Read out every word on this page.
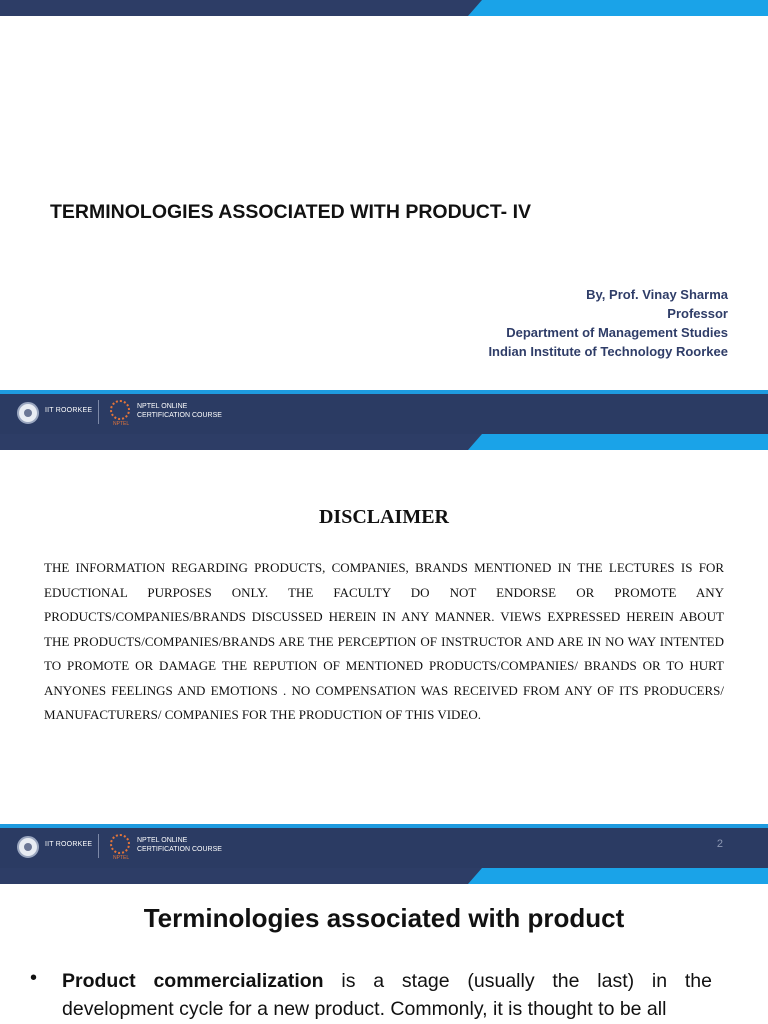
TERMINOLOGIES ASSOCIATED WITH PRODUCT- IV
By, Prof. Vinay Sharma
Professor
Department of Management Studies
Indian Institute of Technology Roorkee
IIT ROORKEE
NPTEL
NPTEL ONLINE
CERTIFICATION COURSE
DISCLAIMER
THE INFORMATION REGARDING PRODUCTS, COMPANIES, BRANDS MENTIONED IN THE LECTURES IS FOR EDUCTIONAL PURPOSES ONLY. THE FACULTY DO NOT ENDORSE OR PROMOTE ANY PRODUCTS/COMPANIES/BRANDS DISCUSSED HEREIN IN ANY MANNER. VIEWS EXPRESSED HEREIN ABOUT THE PRODUCTS/COMPANIES/BRANDS ARE THE PERCEPTION OF INSTRUCTOR AND ARE IN NO WAY INTENTED TO PROMOTE OR DAMAGE THE REPUTION OF MENTIONED PRODUCTS/COMPANIES/ BRANDS OR TO HURT ANYONES FEELINGS AND EMOTIONS . NO COMPENSATION WAS RECEIVED FROM ANY OF ITS PRODUCERS/ MANUFACTURERS/ COMPANIES FOR THE PRODUCTION OF THIS VIDEO.
IIT ROORKEE
NPTEL
NPTEL ONLINE
CERTIFICATION COURSE	2
Terminologies associated with product
• Product commercialization is a stage (usually the last) in the development cycle for a new product. Commonly, it is thought to be all
